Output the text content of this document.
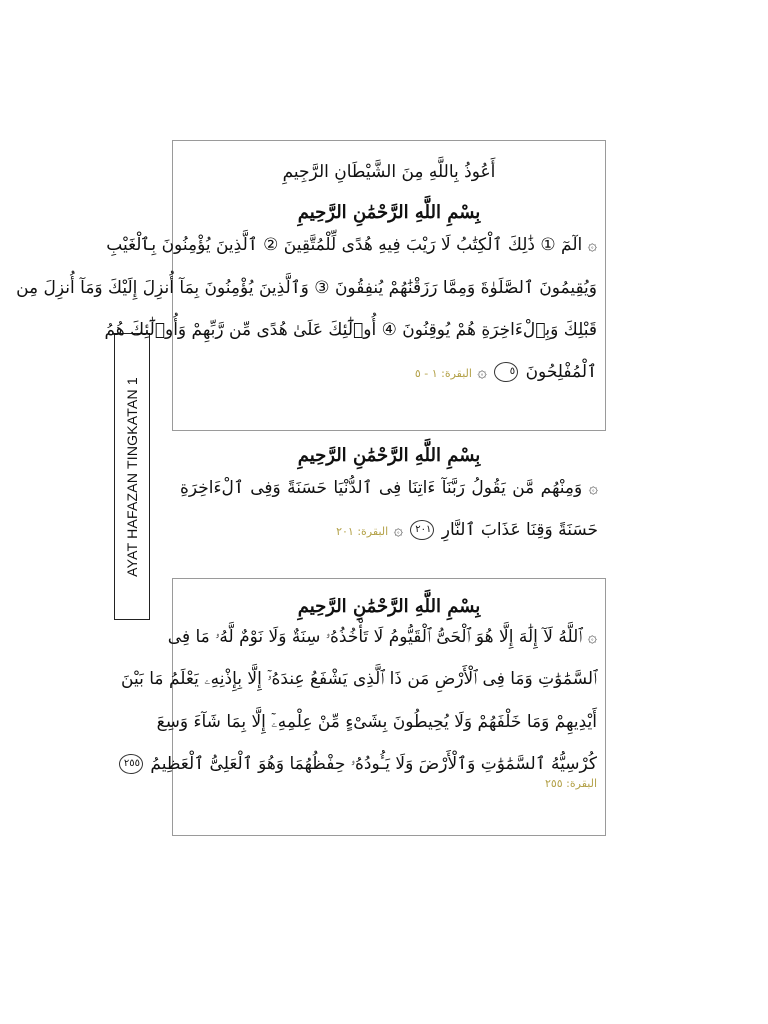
AYAT HAFAZAN TINGKATAN 1
أَعُوذُ بِاللَّهِ مِنَ الشَّيْطَانِ الرَّجِيمِ
بِسْمِ اللَّهِ الرَّحْمَٰنِ الرَّحِيمِ
۞ الٓمٓ ① ذَٰلِكَ ٱلْكِتَٰبُ لَا رَيْبَ فِيهِ هُدًى لِّلْمُتَّقِينَ ② ٱلَّذِينَ يُؤْمِنُونَ بِٱلْغَيْبِ
وَيُقِيمُونَ ٱلصَّلَوٰةَ وَمِمَّا رَزَقْنَٰهُمْ يُنفِقُونَ ③ وَٱلَّذِينَ يُؤْمِنُونَ بِمَآ أُنزِلَ إِلَيْكَ وَمَآ أُنزِلَ مِن
قَبْلِكَ وَبِٱلْءَاخِرَةِ هُمْ يُوقِنُونَ ④ أُو۟لَٰٓئِكَ عَلَىٰ هُدًى مِّن رَّبِّهِمْ وَأُو۟لَٰٓئِكَ هُمُ
ٱلْمُفْلِحُونَ ٥ ۞ البقرة: ١ - ٥
بِسْمِ اللَّهِ الرَّحْمَٰنِ الرَّحِيمِ
۞ وَمِنْهُم مَّن يَقُولُ رَبَّنَآ ءَاتِنَا فِى ٱلدُّنْيَا حَسَنَةً وَفِى ٱلْءَاخِرَةِ
حَسَنَةً وَقِنَا عَذَابَ ٱلنَّارِ ٢٠١ ۞ البقرة: ٢٠١
بِسْمِ اللَّهِ الرَّحْمَٰنِ الرَّحِيمِ
۞ ٱللَّهُ لَآ إِلَٰهَ إِلَّا هُوَ ٱلْحَىُّ ٱلْقَيُّومُ لَا تَأْخُذُهُۥ سِنَةٌ وَلَا نَوْمٌ لَّهُۥ مَا فِى
ٱلسَّمَٰوَٰتِ وَمَا فِى ٱلْأَرْضِ مَن ذَا ٱلَّذِى يَشْفَعُ عِندَهُۥٓ إِلَّا بِإِذْنِهِۦ يَعْلَمُ مَا بَيْنَ
أَيْدِيهِمْ وَمَا خَلْفَهُمْ وَلَا يُحِيطُونَ بِشَىْءٍ مِّنْ عِلْمِهِۦٓ إِلَّا بِمَا شَآءَ وَسِعَ
كُرْسِيُّهُ ٱلسَّمَٰوَٰتِ وَٱلْأَرْضَ وَلَا يَـُٔودُهُۥ حِفْظُهُمَا وَهُوَ ٱلْعَلِىُّ ٱلْعَظِيمُ ٢٥٥
البقرة: ٢٥٥
